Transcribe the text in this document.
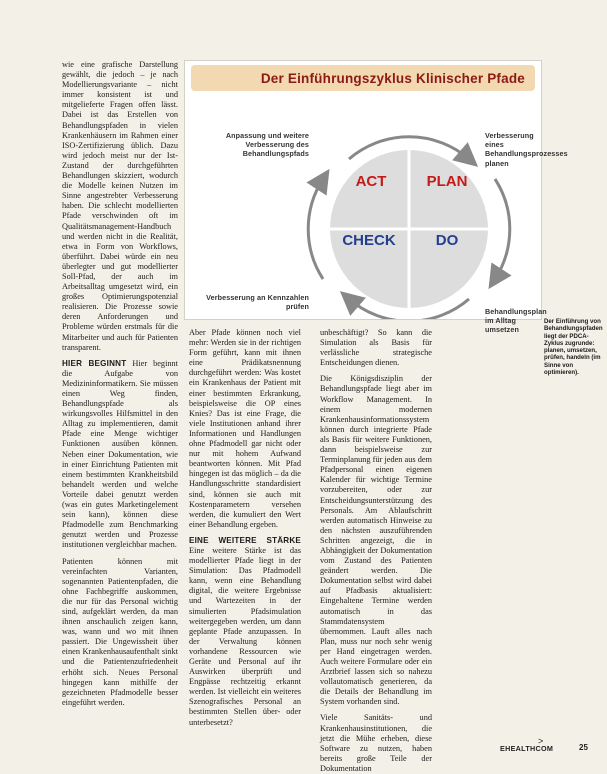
wie eine grafische Darstellung gewählt, die jedoch – je nach Modellierungsvariante – nicht immer konsistent ist und mitgelieferte Fragen offen lässt. Dabei ist das Erstellen von Behandlungspfaden in vielen Krankenhäusern im Rahmen einer ISO-Zertifizierung üblich. Dazu wird jedoch meist nur der Ist-Zustand der durchgeführten Behandlungen skizziert, wodurch die Modelle keinen Nutzen im Sinne angestrebter Verbesserung haben. Die schlecht modellierten Pfade verschwinden oft im Qualitätsmanagement-Handbuch und werden nicht in die Realität, etwa in Form von Workflows, überführt. Dabei würde ein neu überlegter und gut modellierter Soll-Pfad, der auch im Arbeitsalltag umgesetzt wird, ein großes Optimierungspotenzial realisieren. Die Prozesse sowie deren Anforderungen und Probleme würden erstmals für die Mitarbeiter und auch für Patienten transparent.

HIER BEGINNT Hier beginnt die Aufgabe von Medizininformatikern. Sie müssen einen Weg finden, Behandlungspfade als wirkungsvolles Hilfsmittel in den Alltag zu implementieren, damit Pfade eine Menge wichtiger Funktionen ausüben können. Neben einer Dokumentation, wie in einer Einrichtung Patienten mit einem bestimmten Krankheitsbild behandelt werden und welche Vorteile dabei genutzt werden (was ein gutes Marketingelement sein kann), können diese Pfadmodelle zum Benchmarking genutzt werden und Prozesse institutionen vergleichbar machen.

Patienten können mit vereinfachten Varianten, sogenannten Patientenpfaden, die ohne Fachbegriffe auskommen, die nur für das Personal wichtig sind, aufgeklärt werden, da man ihnen anschaulich zeigen kann, was, wann und wo mit ihnen passiert. Die Ungewissheit über einen Krankenhausaufenthalt sinkt und die Patientenzufriedenheit erhöht sich. Neues Personal hingegen kann mithilfe der gezeichneten Pfadmodelle besser eingeführt werden.

Der Einführungszyklus Klinischer Pfade
ACT	PLAN
CHECK	DO
Anpassung und weitere Verbesserung des Behandlungspfads
Verbesserung eines Behandlungsprozesses planen
Verbesserung an Kennzahlen prüfen
Behandlungsplan im Alltag umsetzen
Der Einführung von Behandlungspfaden liegt der PDCA-Zyklus zugrunde: planen, umsetzen, prüfen, handeln (im Sinne von optimieren).

Aber Pfade können noch viel mehr: Werden sie in der richtigen Form geführt, kann mit ihnen eine Prädikatsnennung durchgeführt werden: Was kostet ein Krankenhaus der Patient mit einer bestimmten Erkrankung, beispielsweise die OP eines Knies? Das ist eine Frage, die viele Institutionen anhand ihrer Informationen und Handlungen ohne Pfadmodell gar nicht oder nur mit hohem Aufwand beantworten können. Mit Pfad hingegen ist das möglich – da die Handlungsschritte standardisiert sind, können sie auch mit Kostenparametern versehen werden, die kumuliert den Wert einer Behandlung ergeben.

EINE WEITERE STÄRKE Eine weitere Stärke ist das modellierter Pfade liegt in der Simulation: Das Pfadmodell kann, wenn eine Behandlung digital, die weitere Ergebnisse und Wartezeiten in der simulierten Pfadsimulation weitergegeben werden, um dann geplante Pfade anzupassen. In der Verwaltung können vorhandene Ressourcen wie Geräte und Personal auf ihr Auswirken überprüft und Engpässe rechtzeitig erkannt werden. Ist vielleicht ein weiteres Szenografisches Personal an bestimmten Stellen über- oder unterbesetzt?

unbeschäftigt? So kann die Simulation als Basis für verlässliche strategische Entscheidungen dienen.

Die Königsdisziplin der Behandlungspfade liegt aber im Workflow Management. In einem modernen Krankenhausinformationssystem können durch integrierte Pfade als Basis für weitere Funktionen, dann beispielsweise zur Terminplanung für jeden aus dem Pfadpersonal einen eigenen Kalender für wichtige Termine vorzubereiten, oder zur Entscheidungsunterstützung des Personals. Am Ablaufschritt werden automatisch Hinweise zu den nächsten auszuführenden Schritten angezeigt, die in Abhängigkeit der Dokumentation vom Zustand des Patienten geändert werden. Die Dokumentation selbst wird dabei auf Pfadbasis aktualisiert: Eingehaltene Termine werden automatisch in das Stammdatensystem übernommen. Lauft alles nach Plan, muss nur noch sehr wenig per Hand eingetragen werden. Auch weitere Formulare oder ein Arztbrief lassen sich so nahezu vollautomatisch generieren, da die Details der Behandlung im System vorhanden sind.

Viele Sanitäts- und Krankenhausinstitutionen, die jetzt die Mühe erheben, diese Software zu nutzen, haben bereits große Teile der Dokumentation

>
EHEALTHCOM	25
